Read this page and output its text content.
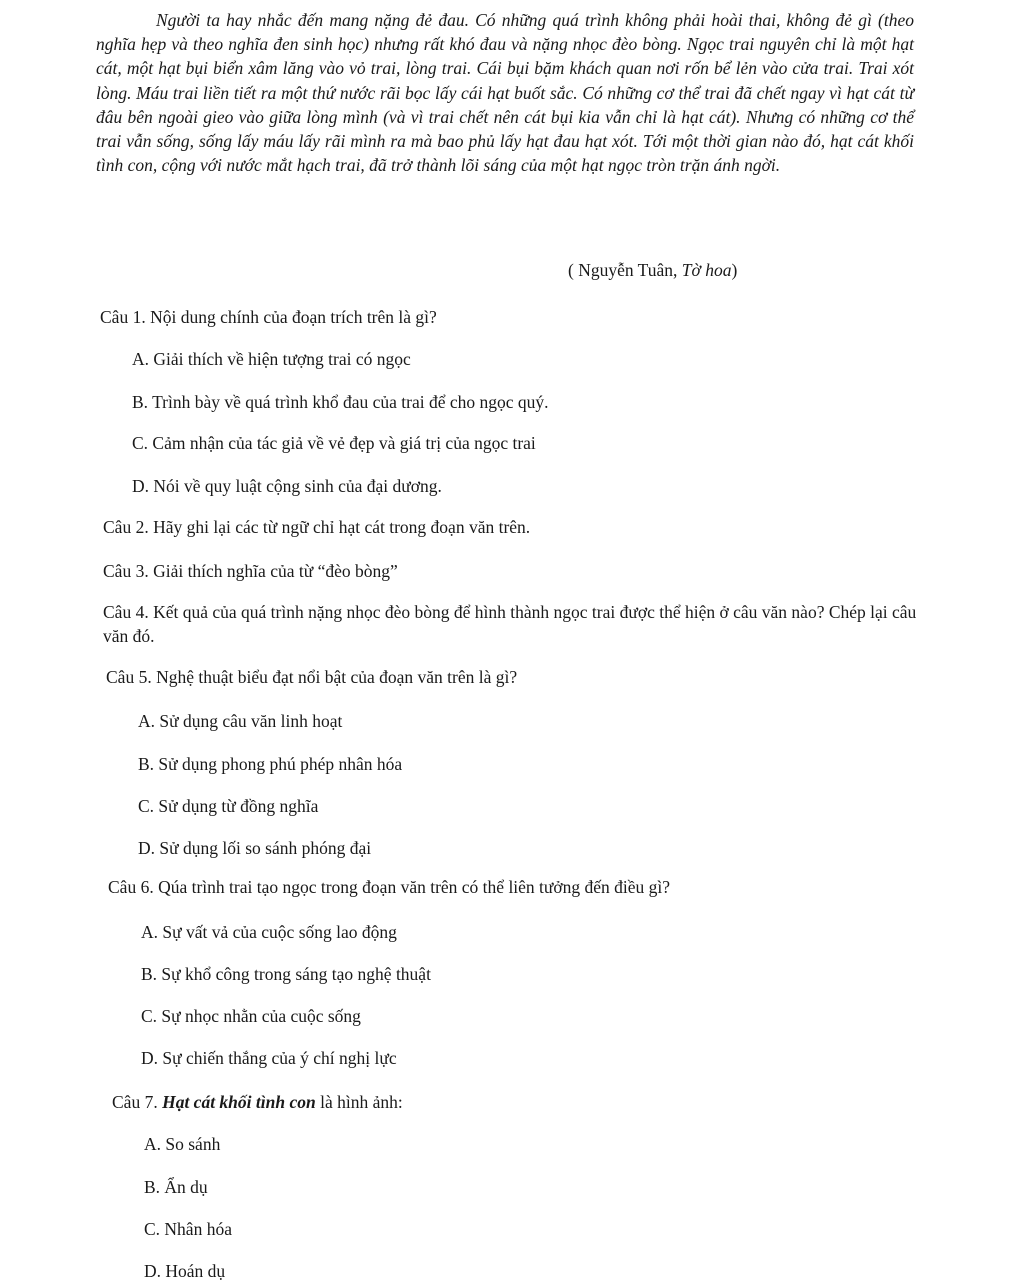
Người ta hay nhắc đến mang nặng đẻ đau. Có những quá trình không phải hoài thai, không đẻ gì (theo nghĩa hẹp và theo nghĩa đen sinh học) nhưng rất khó đau và nặng nhọc đèo bòng. Ngọc trai nguyên chỉ là một hạt cát, một hạt bụi biển xâm lăng vào vỏ trai, lòng trai. Cái bụi bặm khách quan nơi rốn bể lẻn vào cửa trai. Trai xót lòng. Máu trai liền tiết ra một thứ nước rãi bọc lấy cái hạt buốt sắc. Có những cơ thể trai đã chết ngay vì hạt cát từ đâu bên ngoài gieo vào giữa lòng mình (và vì trai chết nên cát bụi kia vẫn chỉ là hạt cát). Nhưng có những cơ thể trai vẫn sống, sống lấy máu lấy rãi mình ra mà bao phủ lấy hạt đau hạt xót. Tới một thời gian nào đó, hạt cát khối tình con, cộng với nước mắt hạch trai, đã trở thành lõi sáng của một hạt ngọc tròn trặn ánh ngời.

( Nguyễn Tuân, Tờ hoa)
Câu 1. Nội dung chính của đoạn trích trên là gì?
A. Giải thích về hiện tượng trai có ngọc
B. Trình bày về quá trình khổ đau của trai để cho ngọc quý.
C. Cảm nhận của tác giả về vẻ đẹp và giá trị của ngọc trai
D. Nói về quy luật cộng sinh của đại dương.
Câu 2. Hãy ghi lại các từ ngữ chỉ hạt cát trong đoạn văn trên.
Câu 3. Giải thích nghĩa của từ “đèo bòng”
Câu 4. Kết quả của quá trình nặng nhọc đèo bòng để hình thành ngọc trai được thể hiện ở câu văn nào? Chép lại câu văn đó.
Câu 5. Nghệ thuật biểu đạt nổi bật của đoạn văn trên là gì?
A. Sử dụng câu văn linh hoạt
B. Sử dụng phong phú phép nhân hóa
C. Sử dụng từ đồng nghĩa
D. Sử dụng lối so sánh phóng đại
Câu 6. Qúa trình trai tạo ngọc trong đoạn văn trên có thể liên tưởng đến điều gì?
A. Sự vất vả của cuộc sống lao động
B. Sự khổ công trong sáng tạo nghệ thuật
C. Sự nhọc nhằn của cuộc sống
D. Sự chiến thắng của ý chí nghị lực
Câu 7. Hạt cát khối tình con là hình ảnh:
A. So sánh
B. Ẩn dụ
C. Nhân hóa
D. Hoán dụ
